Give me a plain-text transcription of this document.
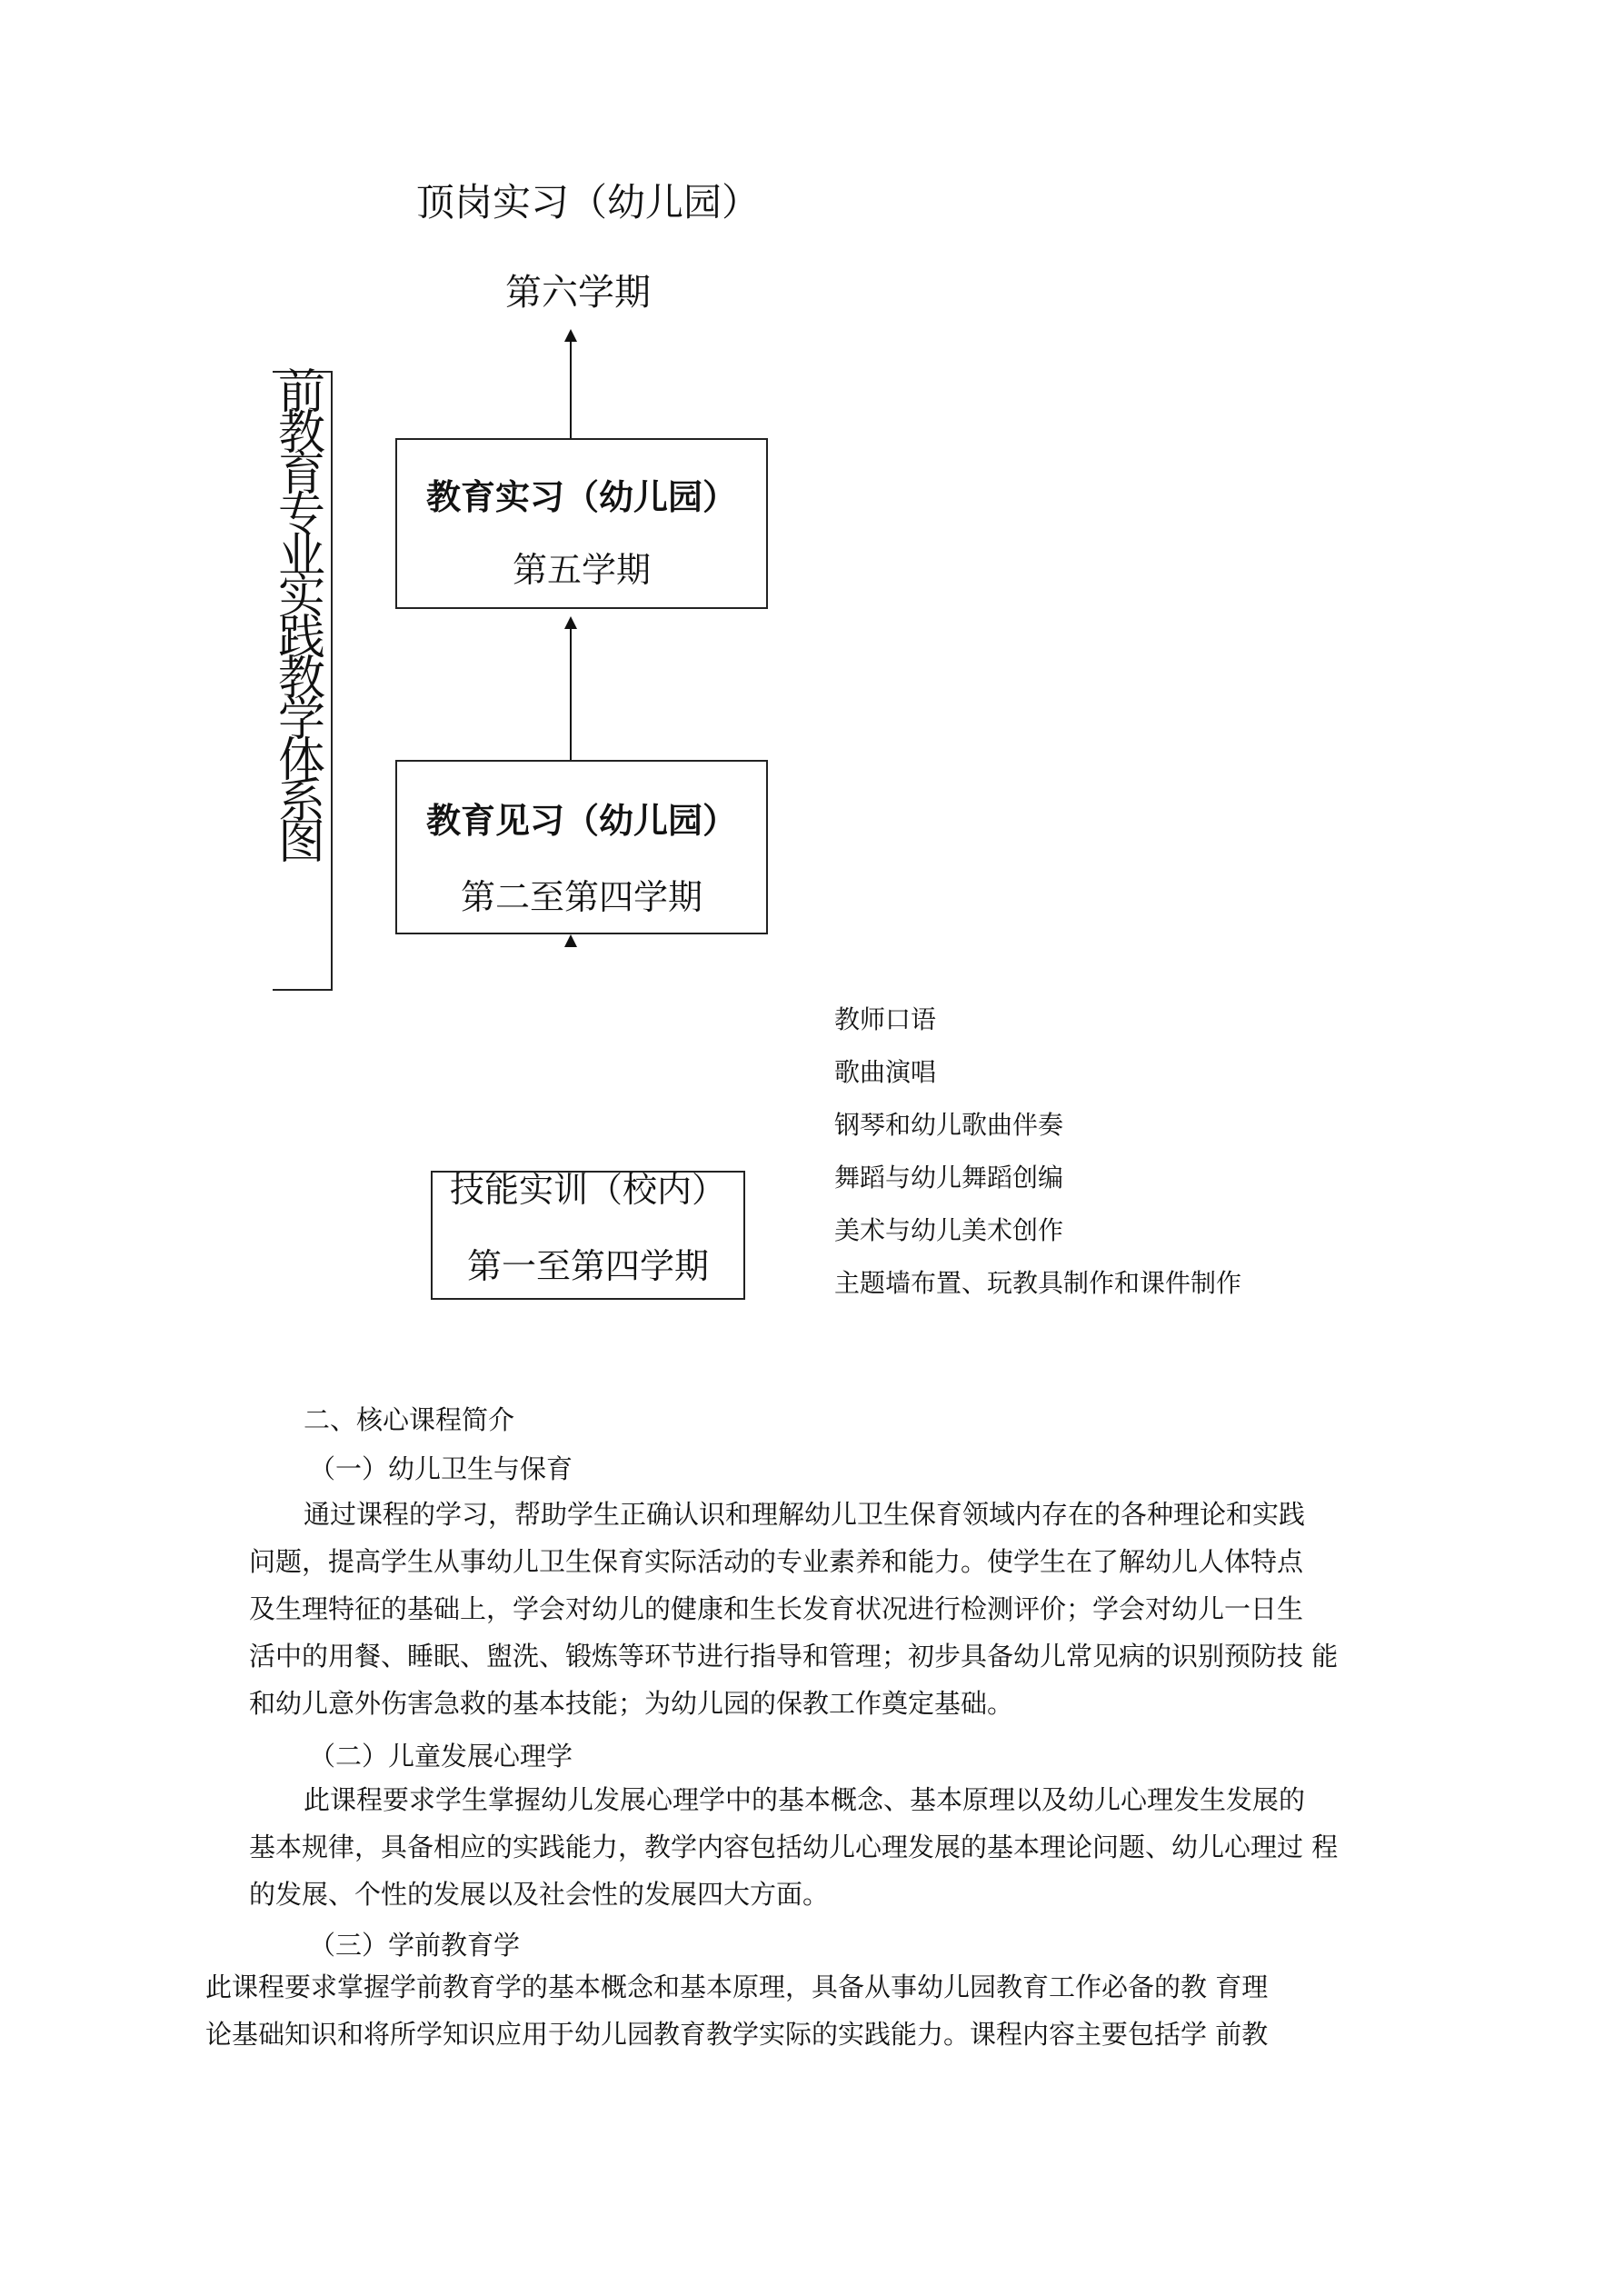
前
教
育
专
业
实
践
教
学
体
系
图
顶岗实习（幼儿园）
第六学期
教育实习（幼儿园）
第五学期
教育见习（幼儿园）
第二至第四学期
教师口语
歌曲演唱
钢琴和幼儿歌曲伴奏
舞蹈与幼儿舞蹈创编
美术与幼儿美术创作
主题墙布置、玩教具制作和课件制作
技能实训（校内）
第一至第四学期
二、核心课程简介
（一）幼儿卫生与保育
通过课程的学习，帮助学生正确认识和理解幼儿卫生保育领域内存在的各种理论和实践
问题，提高学生从事幼儿卫生保育实际活动的专业素养和能力。使学生在了解幼儿人体特点
及生理特征的基础上，学会对幼儿的健康和生长发育状况进行检测评价；学会对幼儿一日生
活中的用餐、睡眠、盥洗、锻炼等环节进行指导和管理；初步具备幼儿常见病的识别预防技 能
和幼儿意外伤害急救的基本技能；为幼儿园的保教工作奠定基础。
（二）儿童发展心理学
此课程要求学生掌握幼儿发展心理学中的基本概念、基本原理以及幼儿心理发生发展的
基本规律，具备相应的实践能力，教学内容包括幼儿心理发展的基本理论问题、幼儿心理过 程
的发展、个性的发展以及社会性的发展四大方面。
（三）学前教育学
此课程要求掌握学前教育学的基本概念和基本原理，具备从事幼儿园教育工作必备的教 育理
论基础知识和将所学知识应用于幼儿园教育教学实际的实践能力。课程内容主要包括学 前教
